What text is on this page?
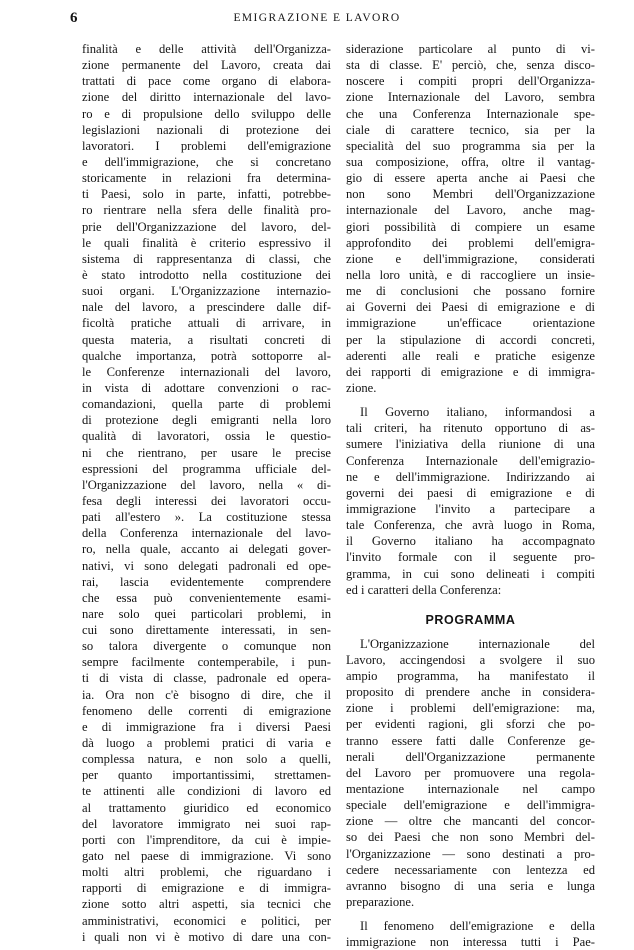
6	EMIGRAZIONE E LAVORO
finalità e delle attività dell'Organizza-
zione permanente del Lavoro, creata dai
trattati di pace come organo di elabora-
zione del diritto internazionale del lavo-
ro e di propulsione dello sviluppo delle
legislazioni nazionali di protezione dei
lavoratori. I problemi dell'emigrazione
e dell'immigrazione, che si concretano
storicamente in relazioni fra determina-
ti Paesi, solo in parte, infatti, potrebbe-
ro rientrare nella sfera delle finalità pro-
prie dell'Organizzazione del lavoro, del-
le quali finalità è criterio espressivo il
sistema di rappresentanza di classi, che
è stato introdotto nella costituzione dei
suoi organi. L'Organizzazione internazio-
nale del lavoro, a prescindere dalle dif-
ficoltà pratiche attuali di arrivare, in
questa materia, a risultati concreti di
qualche importanza, potrà sottoporre al-
le Conferenze internazionali del lavoro,
in vista di adottare convenzioni o rac-
comandazioni, quella parte di problemi
di protezione degli emigranti nella loro
qualità di lavoratori, ossia le questio-
ni che rientrano, per usare le precise
espressioni del programma ufficiale del-
l'Organizzazione del lavoro, nella « di-
fesa degli interessi dei lavoratori occu-
pati all'estero ». La costituzione stessa
della Conferenza internazionale del lavo-
ro, nella quale, accanto ai delegati gover-
nativi, vi sono delegati padronali ed ope-
rai, lascia evidentemente comprendere
che essa può convenientemente esami-
nare solo quei particolari problemi, in
cui sono direttamente interessati, in sen-
so talora divergente o comunque non
sempre facilmente contemperabile, i pun-
ti di vista di classe, padronale ed opera-
ia. Ora non c'è bisogno di dire, che il
fenomeno delle correnti di emigrazione
e di immigrazione fra i diversi Paesi
dà luogo a problemi pratici di varia e
complessa natura, e non solo a quelli,
per quanto importantissimi, strettamen-
te attinenti alle condizioni di lavoro ed
al trattamento giuridico ed economico
del lavoratore immigrato nei suoi rap-
porti con l'imprenditore, da cui è impie-
gato nel paese di immigrazione. Vi sono
molti altri problemi, che riguardano i
rapporti di emigrazione e di immigra-
zione sotto altri aspetti, sia tecnici che
amministrativi, economici e politici, per
i quali non vi è motivo di dare una con-
siderazione particolare al punto di vi-
sta di classe. E' perciò, che, senza disco-
noscere i compiti propri dell'Organizza-
zione Internazionale del Lavoro, sembra
che una Conferenza Internazionale spe-
ciale di carattere tecnico, sia per la
specialità del suo programma sia per la
sua composizione, offra, oltre il vantag-
gio di essere aperta anche ai Paesi che
non sono Membri dell'Organizzazione
internazionale del Lavoro, anche mag-
giori possibilità di compiere un esame
approfondito dei problemi dell'emigra-
zione e dell'immigrazione, considerati
nella loro unità, e di raccogliere un insie-
me di conclusioni che possano fornire
ai Governi dei Paesi di emigrazione e di
immigrazione un'efficace orientazione
per la stipulazione di accordi concreti,
aderenti alle reali e pratiche esigenze
dei rapporti di emigrazione e di immigra-
zione.
Il Governo italiano, informandosi a
tali criteri, ha ritenuto opportuno di as-
sumere l'iniziativa della riunione di una
Conferenza Internazionale dell'emigrazio-
ne e dell'immigrazione. Indirizzando ai
governi dei paesi di emigrazione e di
immigrazione l'invito a partecipare a
tale Conferenza, che avrà luogo in Roma,
il Governo italiano ha accompagnato
l'invito formale con il seguente pro-
gramma, in cui sono delineati i compiti
ed i caratteri della Conferenza:
PROGRAMMA
L'Organizzazione internazionale del
Lavoro, accingendosi a svolgere il suo
ampio programma, ha manifestato il
proposito di prendere anche in considera-
zione i problemi dell'emigrazione: ma,
per evidenti ragioni, gli sforzi che po-
tranno essere fatti dalle Conferenze ge-
nerali dell'Organizzazione permanente
del Lavoro per promuovere una regola-
mentazione internazionale nel campo
speciale dell'emigrazione e dell'immigra-
zione — oltre che mancanti del concor-
so dei Paesi che non sono Membri del-
l'Organizzazione — sono destinati a pro-
cedere necessariamente con lentezza ed
avranno bisogno di una seria e lunga
preparazione.
Il fenomeno dell'emigrazione e della
immigrazione non interessa tutti i Pae-
